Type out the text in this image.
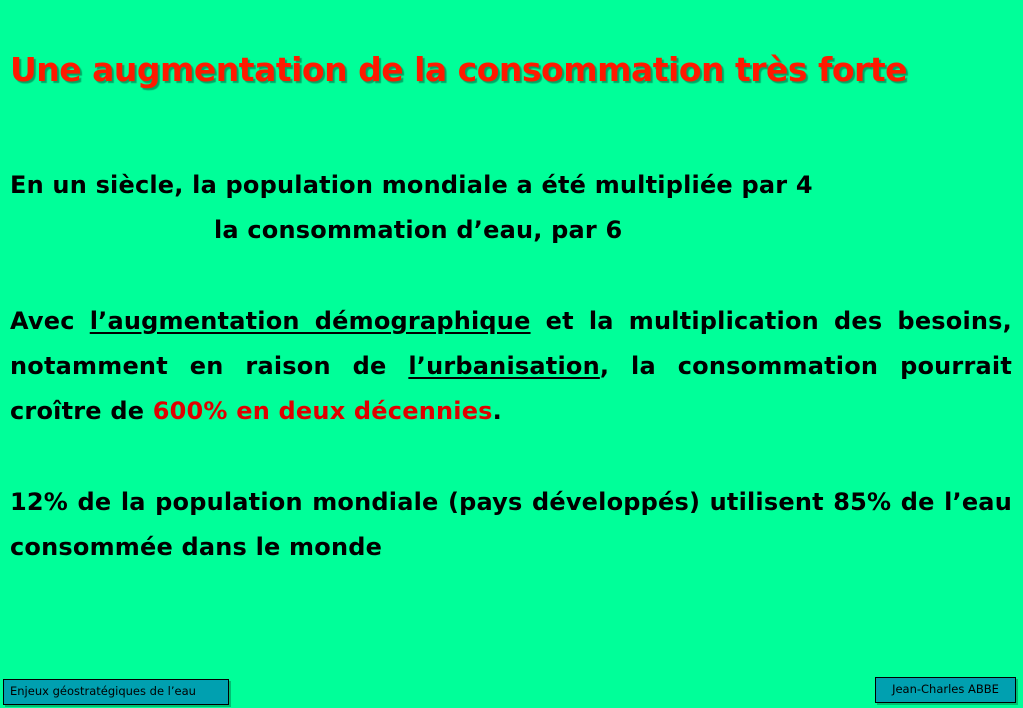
Une augmentation de la consommation très forte
En un siècle, la population mondiale a été multipliée par 4
la consommation d’eau, par 6
Avec l’augmentation démographique et la multiplication des besoins, notamment en raison de l’urbanisation, la consommation pourrait croître de 600% en deux décennies.
12% de la population mondiale (pays développés) utilisent 85% de l’eau consommée dans le monde
Enjeux géostratégiques de l’eau	Jean-Charles ABBE
